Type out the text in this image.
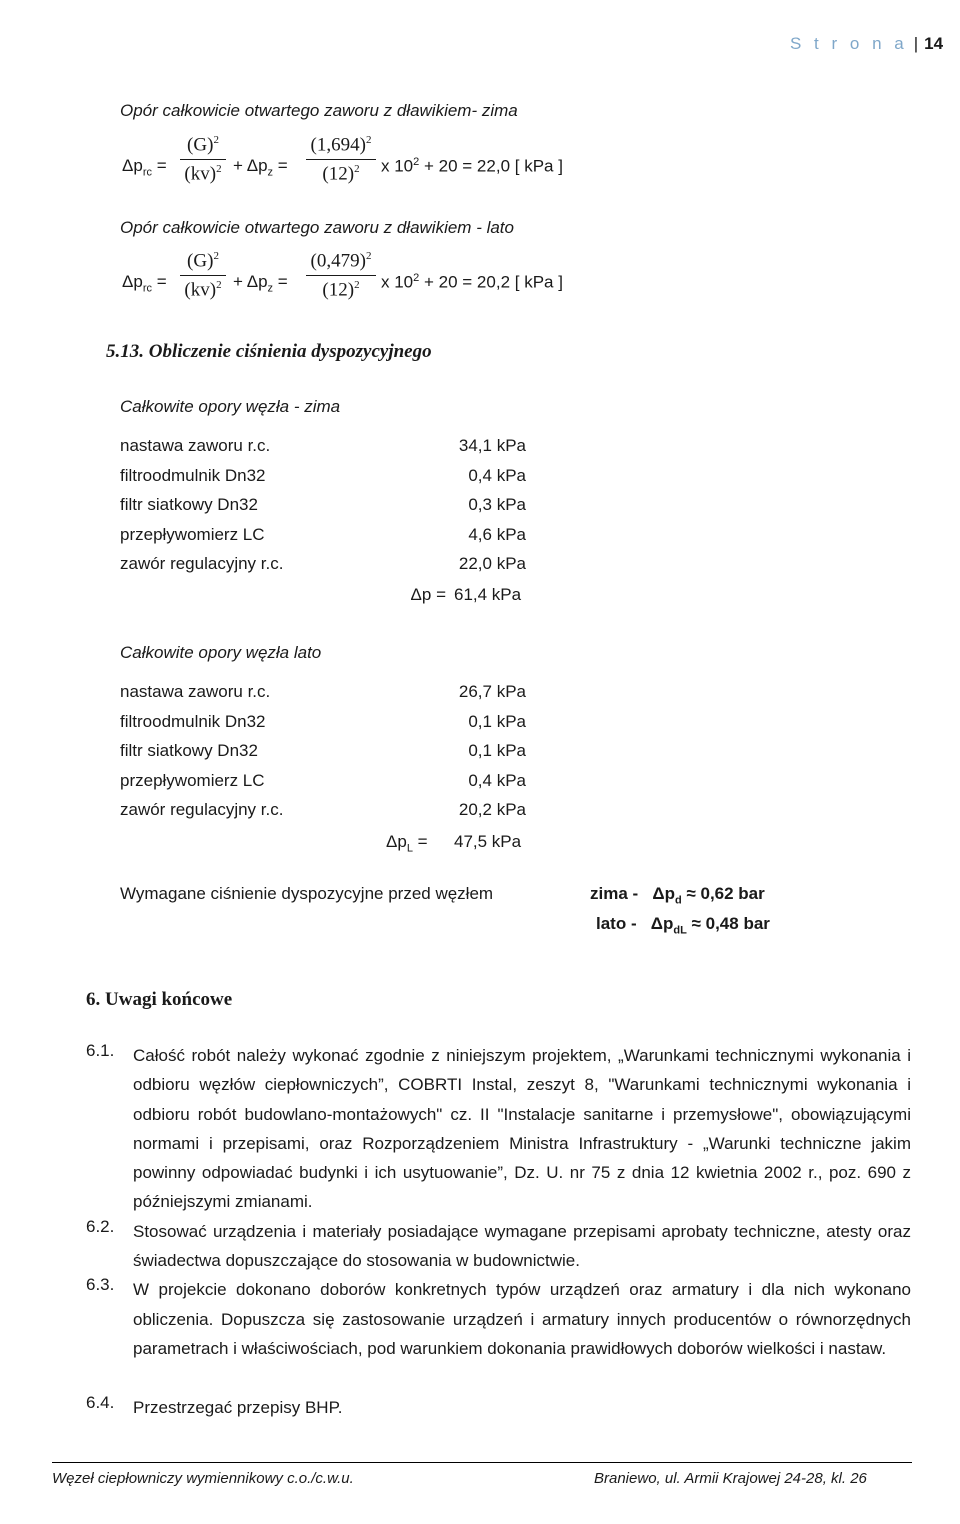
S t r o n a | 14
Opór całkowicie otwartego zaworu z dławikiem- zima
$\Delta p_{rc}$ =
$(G)^2$
$(kv)^2 + \Delta p_z$ =
$(1,694)^2$
$(12)^2$	x $10^2 + 20 = 22,0$ [ kPa ]
Opór całkowicie otwartego zaworu z dławikiem - lato
$\Delta p_{rc}$ =
$(G)^2$
$(kv)^2 + \Delta p_z$ =
$(0,479)^2$
$(12)^2$	x $10^2 + 20 = 20,2$ [ kPa ]
5.13. Obliczenie ciśnienia dyspozycyjnego
Całkowite opory węzła - zima
nastawa zaworu r.c.	34,1 kPa
filtroodmulnik Dn32	0,4 kPa
filtr siatkowy Dn32	0,3 kPa
przepływomierz LC	4,6 kPa
zawór regulacyjny r.c.	22,0 kPa
Δp = 61,4 kPa
Całkowite opory węzła lato
nastawa zaworu r.c.	26,7 kPa
filtroodmulnik Dn32	0,1 kPa
filtr siatkowy Dn32	0,1 kPa
przepływomierz LC	0,4 kPa
zawór regulacyjny r.c.	20,2 kPa
$\Delta p_L = 47,5$ kPa
Wymagane ciśnienie dyspozycyjne przed węzłem	zima - $\Delta p_d \approx 0,62$ bar
lato - $\Delta p_{dL} \approx 0,48$ bar
6. Uwagi końcowe
6.1. Całość robót należy wykonać zgodnie z niniejszym projektem, „Warunkami technicznymi wykonania i odbioru węzłów ciepłowniczych”, COBRTI Instal, zeszyt 8, "Warunkami technicznymi wykonania i odbioru robót budowlano-montażowych" cz. II "Instalacje sanitarne i przemysłowe", obowiązującymi normami i przepisami, oraz Rozporządzeniem Ministra Infrastruktury - „Warunki techniczne jakim powinny odpowiadać budynki i ich usytuowanie”, Dz. U. nr 75 z dnia 12 kwietnia 2002 r., poz. 690 z późniejszymi zmianami.
6.2. Stosować urządzenia i materiały posiadające wymagane przepisami aprobaty techniczne, atesty oraz świadectwa dopuszczające do stosowania w budownictwie.
6.3. W projekcie dokonano doborów konkretnych typów urządzeń oraz armatury i dla nich wykonano obliczenia. Dopuszcza się zastosowanie urządzeń i armatury innych producentów o równorzędnych parametrach i właściwościach, pod warunkiem dokonania prawidłowych doborów wielkości i nastaw.
6.4. Przestrzegać przepisy BHP.
Węzeł ciepłowniczy wymiennikowy c.o./c.w.u.	Braniewo, ul. Armii Krajowej 24-28, kl. 26
